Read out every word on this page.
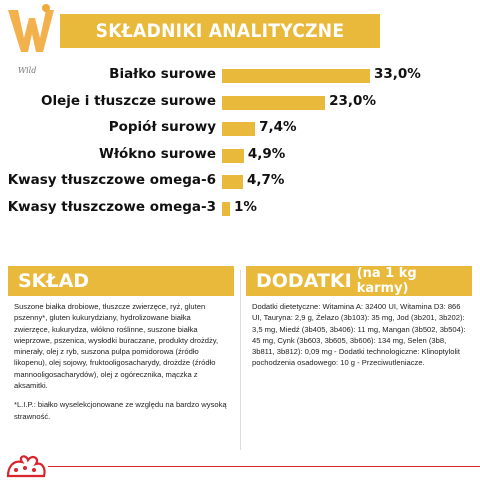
SKŁADNIKI ANALITYCZNE
Wild	Białko surowe	33,0%
Oleje i tłuszcze surowe	23,0%
Popiół surowy	7,4%
Włókno surowe 4,9%
Kwasy tłuszczowe omega-6 4,7%
Kwasy tłuszczowe omega-3 1%
SKŁAD
Suszone białka drobiowe, tłuszcze zwierzęce, ryż, gluten pszenny*, gluten kukurydziany, hydrolizowane białka zwierzęce, kukurydza, włókno roślinne, suszone białka wieprzowe, pszenica, wysłodki buraczane, produkty drożdży, minerały, olej z ryb, suszona pulpa pomidorowa (źródło likopenu), olej sojowy, fruktooligosacharydy, drożdże (źródło mannooligosacharydów), olej z ogórecznika, mączka z aksamitki.
*L.I.P.: białko wyselekcjonowane ze względu na bardzo wysoką strawność.
DODATKI (na 1 kg karmy)
Dodatki dietetyczne: Witamina A: 32400 UI, Witamina D3: 866 UI, Tauryna: 2,9 g, Żelazo (3b103): 35 mg, Jod (3b201, 3b202): 3,5 mg, Miedź (3b405, 3b406): 11 mg, Mangan (3b502, 3b504): 45 mg, Cynk (3b603, 3b605, 3b606): 134 mg, Selen (3b8, 3b811, 3b812): 0,09 mg - Dodatki technologiczne: Klinoptylolit pochodzenia osadowego: 10 g - Przeciwutleniacze.
